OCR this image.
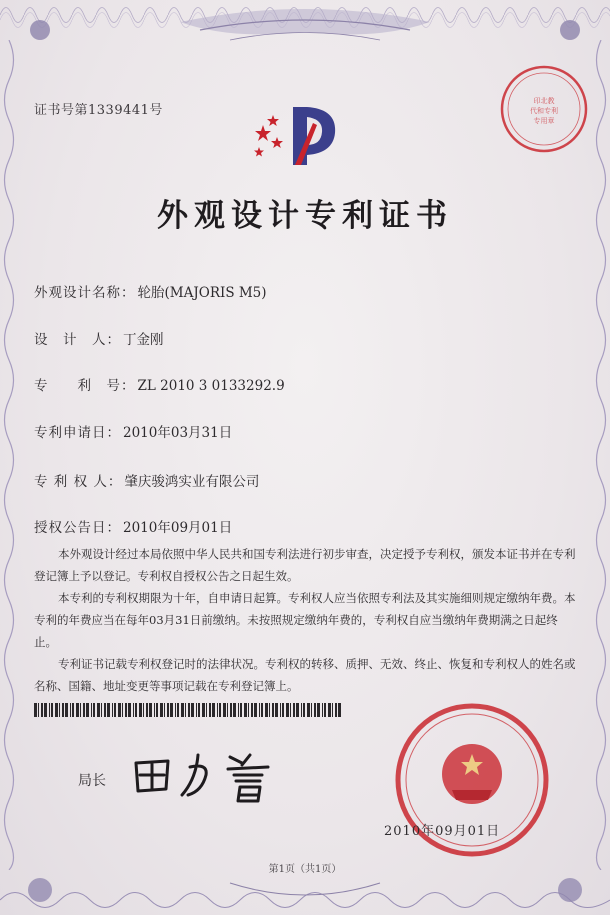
证书号第1339441号
印北教
代和专利
专用章
外观设计专利证书
外观设计名称： 轮胎(MAJORIS M5)
设　计　人： 丁金刚
专　　利　号： ZL 2010 3 0133292.9
专利申请日： 2010年03月31日
专 利 权 人： 肇庆骏鸿实业有限公司
授权公告日： 2010年09月01日

本外观设计经过本局依照中华人民共和国专利法进行初步审查，决定授予专利权，颁发本证书并在专利登记簿上予以登记。专利权自授权公告之日起生效。

本专利的专利权期限为十年，自申请日起算。专利权人应当依照专利法及其实施细则规定缴纳年费。本专利的年费应当在每年03月31日前缴纳。未按照规定缴纳年费的，专利权自应当缴纳年费期满之日起终止。

专利证书记载专利权登记时的法律状况。专利权的转移、质押、无效、终止、恢复和专利权人的姓名或名称、国籍、地址变更等事项记载在专利登记簿上。

局长
2010年09月01日
第1页（共1页）
